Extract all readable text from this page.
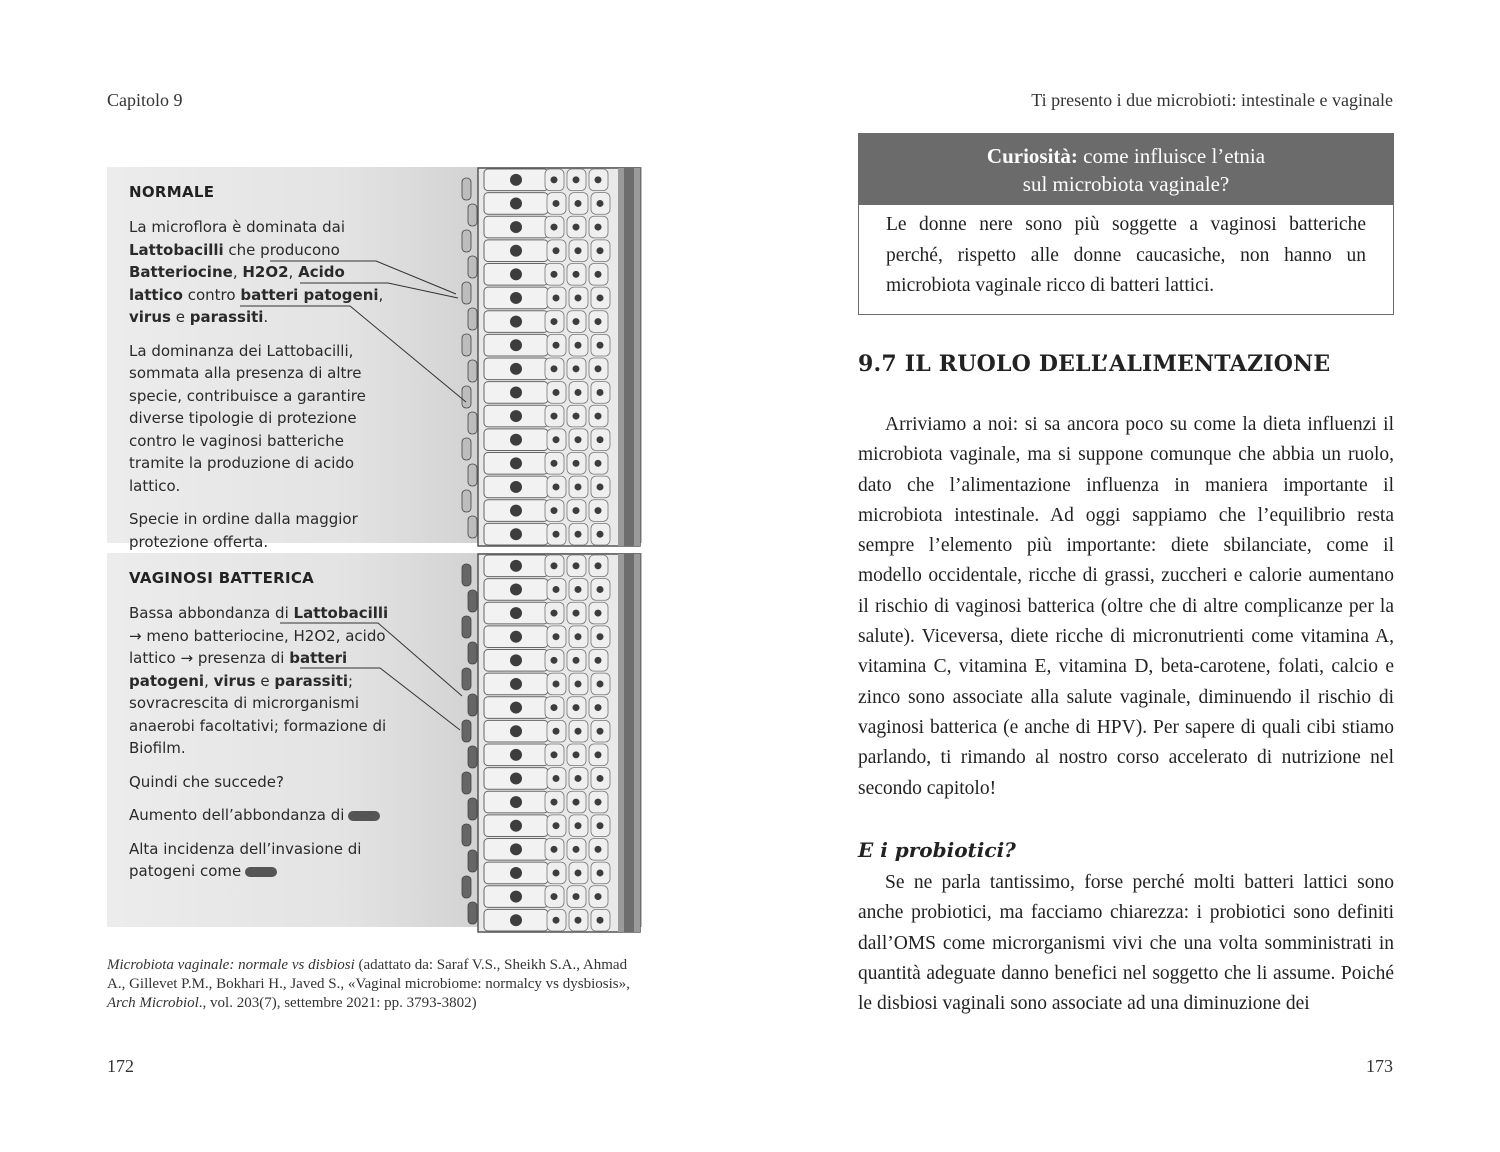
Capitolo 9
NORMALE

La microflora è dominata dai Lattobacilli che producono Batteriocine, H2O2, Acido lattico contro batteri patogeni, virus e parassiti.

La dominanza dei Lattobacilli, sommata alla presenza di altre specie, contribuisce a garantire diverse tipologie di protezione contro le vaginosi batteriche tramite la produzione di acido lattico.

Specie in ordine dalla maggior protezione offerta.

VAGINOSI BATTERICA

Bassa abbondanza di Lattobacilli → meno batteriocine, H2O2, acido lattico → presenza di batteri patogeni, virus e parassiti; sovracrescita di microrganismi anaerobi facoltativi; formazione di Biofilm.

Quindi che succede?

Aumento dell’abbondanza di

Alta incidenza dell’invasione di patogeni come

Microbiota vaginale: normale vs disbiosi (adattato da: Saraf V.S., Sheikh S.A., Ahmad A., Gillevet P.M., Bokhari H., Javed S., «Vaginal microbiome: normalcy vs dysbiosis», Arch Microbiol., vol. 203(7), settembre 2021: pp. 3793-3802)
172
Ti presento i due microbioti: intestinale e vaginale
Curiosità: come influisce l’etnia
sul microbiota vaginale?
Le donne nere sono più soggette a vaginosi batteriche perché, rispetto alle donne caucasiche, non hanno un microbiota vaginale ricco di batteri lattici.
9.7 IL RUOLO DELL’ALIMENTAZIONE

Arriviamo a noi: si sa ancora poco su come la dieta influenzi il microbiota vaginale, ma si suppone comunque che abbia un ruolo, dato che l’alimentazione influenza in maniera importante il microbiota intestinale. Ad oggi sappiamo che l’equilibrio resta sempre l’elemento più importante: diete sbilanciate, come il modello occidentale, ricche di grassi, zuccheri e calorie aumentano il rischio di vaginosi batterica (oltre che di altre complicanze per la salute). Viceversa, diete ricche di micronutrienti come vitamina A, vitamina C, vitamina E, vitamina D, beta-carotene, folati, calcio e zinco sono associate alla salute vaginale, diminuendo il rischio di vaginosi batterica (e anche di HPV). Per sapere di quali cibi stiamo parlando, ti rimando al nostro corso accelerato di nutrizione nel secondo capitolo!

E i probiotici?

Se ne parla tantissimo, forse perché molti batteri lattici sono anche probiotici, ma facciamo chiarezza: i probiotici sono definiti dall’OMS come microrganismi vivi che una volta somministrati in quantità adeguate danno benefici nel soggetto che li assume. Poiché le disbiosi vaginali sono associate ad una diminuzione dei

173
